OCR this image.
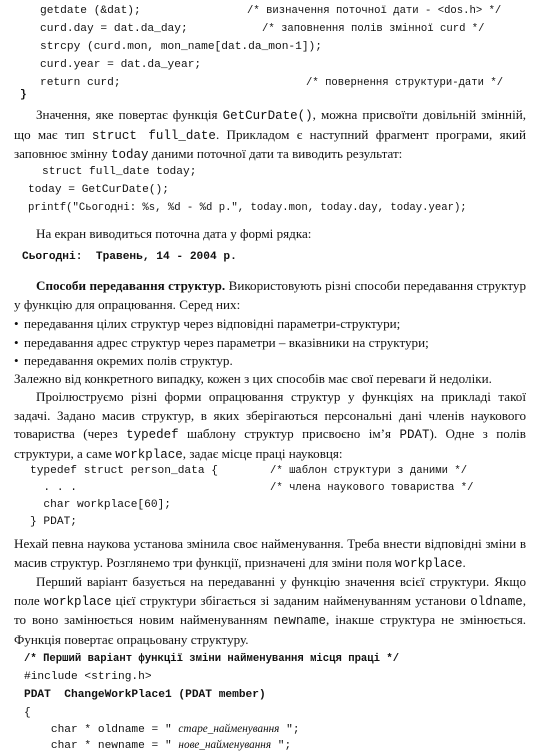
getdate (&dat);	/* визначення поточної дати - <dos.h> */
curd.day = dat.da_day;	/* заповнення полів змінної curd */
strcpy (curd.mon, mon_name[dat.da_mon-1]);
curd.year = dat.da_year;
return curd;	/* повернення структури-дати */
}
Значення, яке повертає функція GetCurDate(), можна присвоїти довільній змінній, що має тип struct full_date. Прикладом є наступний фрагмент програми, який заповнює змінну today даними поточної дати та виводить результат:
struct full_date today;
today = GetCurDate();
printf("Сьогодні: %s, %d - %d р.", today.mon, today.day, today.year);
На екран виводиться поточна дата у формі рядка:
Сьогодні:  Травень, 14 - 2004 р.
Способи передавання структур. Використовують різні способи передавання структур у функцію для опрацювання. Серед них:
• передавання цілих структур через відповідні параметри-структури;
• передавання адрес структур через параметри – вказівники на структури;
• передавання окремих полів структур.
Залежно від конкретного випадку, кожен з цих способів має свої переваги й недоліки.
Проілюструємо різні форми опрацювання структур у функціях на прикладі такої задачі. Задано масив структур, в яких зберігаються персональні дані членів наукового товариства (через typedef шаблону структур присвоєно ім’я PDAT). Одне з полів структури, а саме workplace, задає місце праці науковця:
typedef struct person_data {	/* шаблон структури з даними */
. . .	/* члена наукового товариства */
char workplace[60];
} PDAT;
Нехай певна наукова установа змінила своє найменування. Треба внести відповідні зміни в масив структур. Розглянемо три функції, призначені для зміни поля workplace.
Перший варіант базується на передаванні у функцію значення всієї структури. Якщо поле workplace цієї структури збігається зі заданим найменуванням установи oldname, то воно замінюється новим найменуванням newname, інакше структура не змінюється. Функція повертає опрацьовану структуру.
/* Перший варіант функції зміни найменування місця праці */
#include <string.h>
PDAT  ChangeWorkPlace1 (PDAT member)
{
char * oldname = " старе_найменування ";
char * newname = " нове_найменування ";
